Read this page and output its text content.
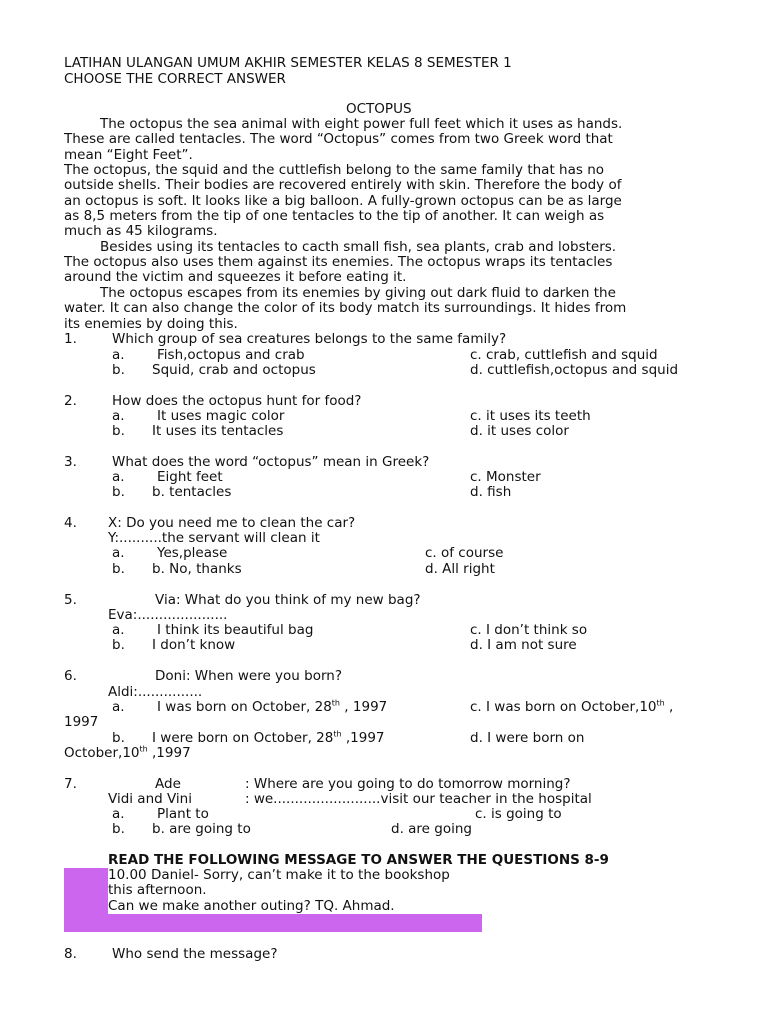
LATIHAN ULANGAN UMUM AKHIR SEMESTER KELAS 8 SEMESTER 1
CHOOSE THE CORRECT ANSWER
OCTOPUS
The octopus the sea animal with eight power full feet which it uses as hands.
These are called tentacles. The word “Octopus” comes from two Greek word that
mean “Eight Feet”.
The octopus, the squid and the cuttlefish belong to the same family that has no
outside shells. Their bodies are recovered entirely with skin. Therefore the body of
an octopus is soft. It looks like a big balloon. A fully-grown octopus can be as large
as 8,5 meters from the tip of one tentacles to the tip of another. It can weigh as
much as 45 kilograms.
Besides using its tentacles to cacth small fish, sea plants, crab and lobsters.
The octopus also uses them against its enemies. The octopus wraps its tentacles
around the victim and squeezes it before eating it.
The octopus escapes from its enemies by giving out dark fluid to darken the
water. It can also change the color of its body match its surroundings. It hides from
its enemies by doing this.
1.	Which group of sea creatures belongs to the same family?
a. Fish,octopus and crab	c. crab, cuttlefish and squid
b. Squid, crab and octopus	d. cuttlefish,octopus and squid
2.	How does the octopus hunt for food?
a. It uses magic color	c. it uses its teeth
b. It uses its tentacles	d. it uses color
3.	What does the word “octopus” mean in Greek?
a. Eight feet	c. Monster
b. b. tentacles	d. fish
4. X: Do you need me to clean the car?
Y:..........the servant will clean it
a. Yes,please	c. of course
b. b. No, thanks	d. All right
5.	Via: What do you think of my new bag?
Eva:.....................
a. I think its beautiful bag	c. I don’t think so
b. I don’t know	d. I am not sure
6.	Doni: When were you born?
Aldi:...............
a. I was born on October, 28th , 1997	c. I was born on October,10th ,
1997
b. I were born on October, 28th ,1997	d. I were born on
October,10th ,1997
7.	Ade	: Where are you going to do tomorrow morning?
Vidi and Vini	: we.........................visit our teacher in the hospital
a. Plant to	c. is going to
b. b. are going to	d. are going
READ THE FOLLOWING MESSAGE TO ANSWER THE QUESTIONS 8-9
10.00 Daniel- Sorry, can’t make it to the bookshop
this afternoon.
Can we make another outing? TQ. Ahmad.
8.	Who send the message?
